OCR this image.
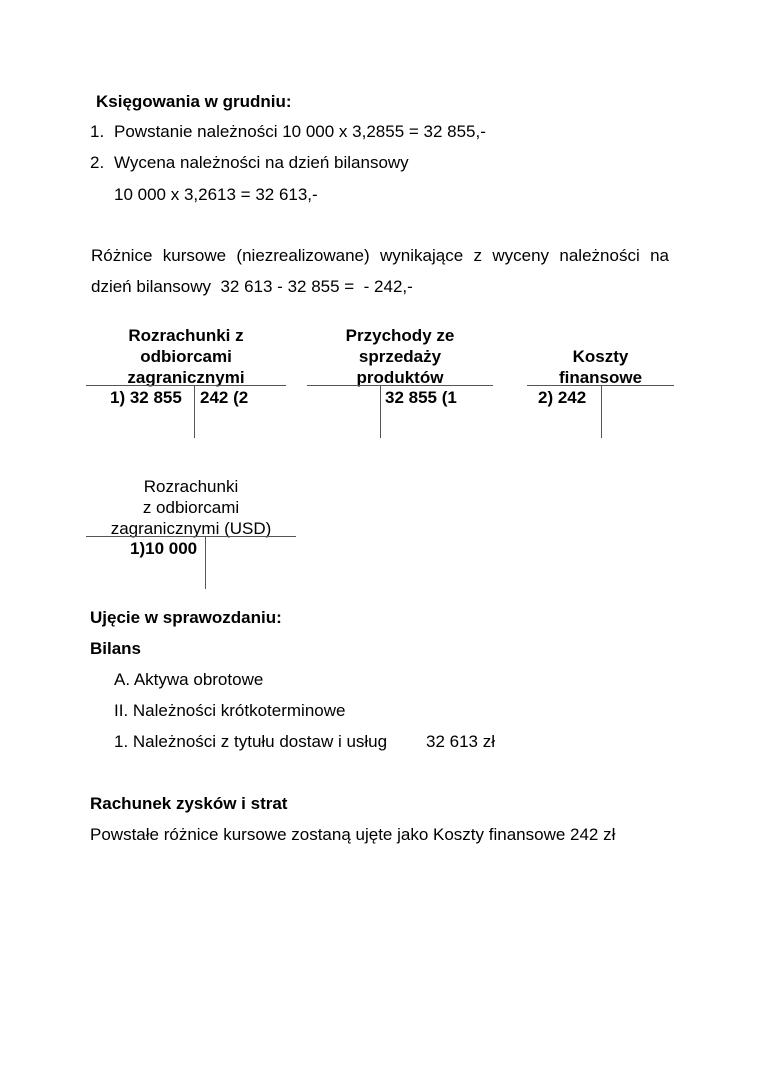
Księgowania w grudniu:
1. Powstanie należności 10 000 x 3,2855 = 32 855,-
2. Wycena należności na dzień bilansowy
10 000 x 3,2613 = 32 613,-
Różnice kursowe (niezrealizowane) wynikające z wyceny należności na
dzień bilansowy  32 613 - 32 855 =  - 242,-
Rozrachunki z
odbiorcami
zagranicznymi
1) 32 855 242 (2
Przychody ze
sprzedaży
produktów
32 855 (1
Koszty
finansowe
2) 242
Rozrachunki
z odbiorcami
zagranicznymi (USD)
1)10 000
Ujęcie w sprawozdaniu:
Bilans
A. Aktywa obrotowe
II. Należności krótkoterminowe
1. Należności z tytułu dostaw i usług 32 613 zł
Rachunek zysków i strat
Powstałe różnice kursowe zostaną ujęte jako Koszty finansowe 242 zł
